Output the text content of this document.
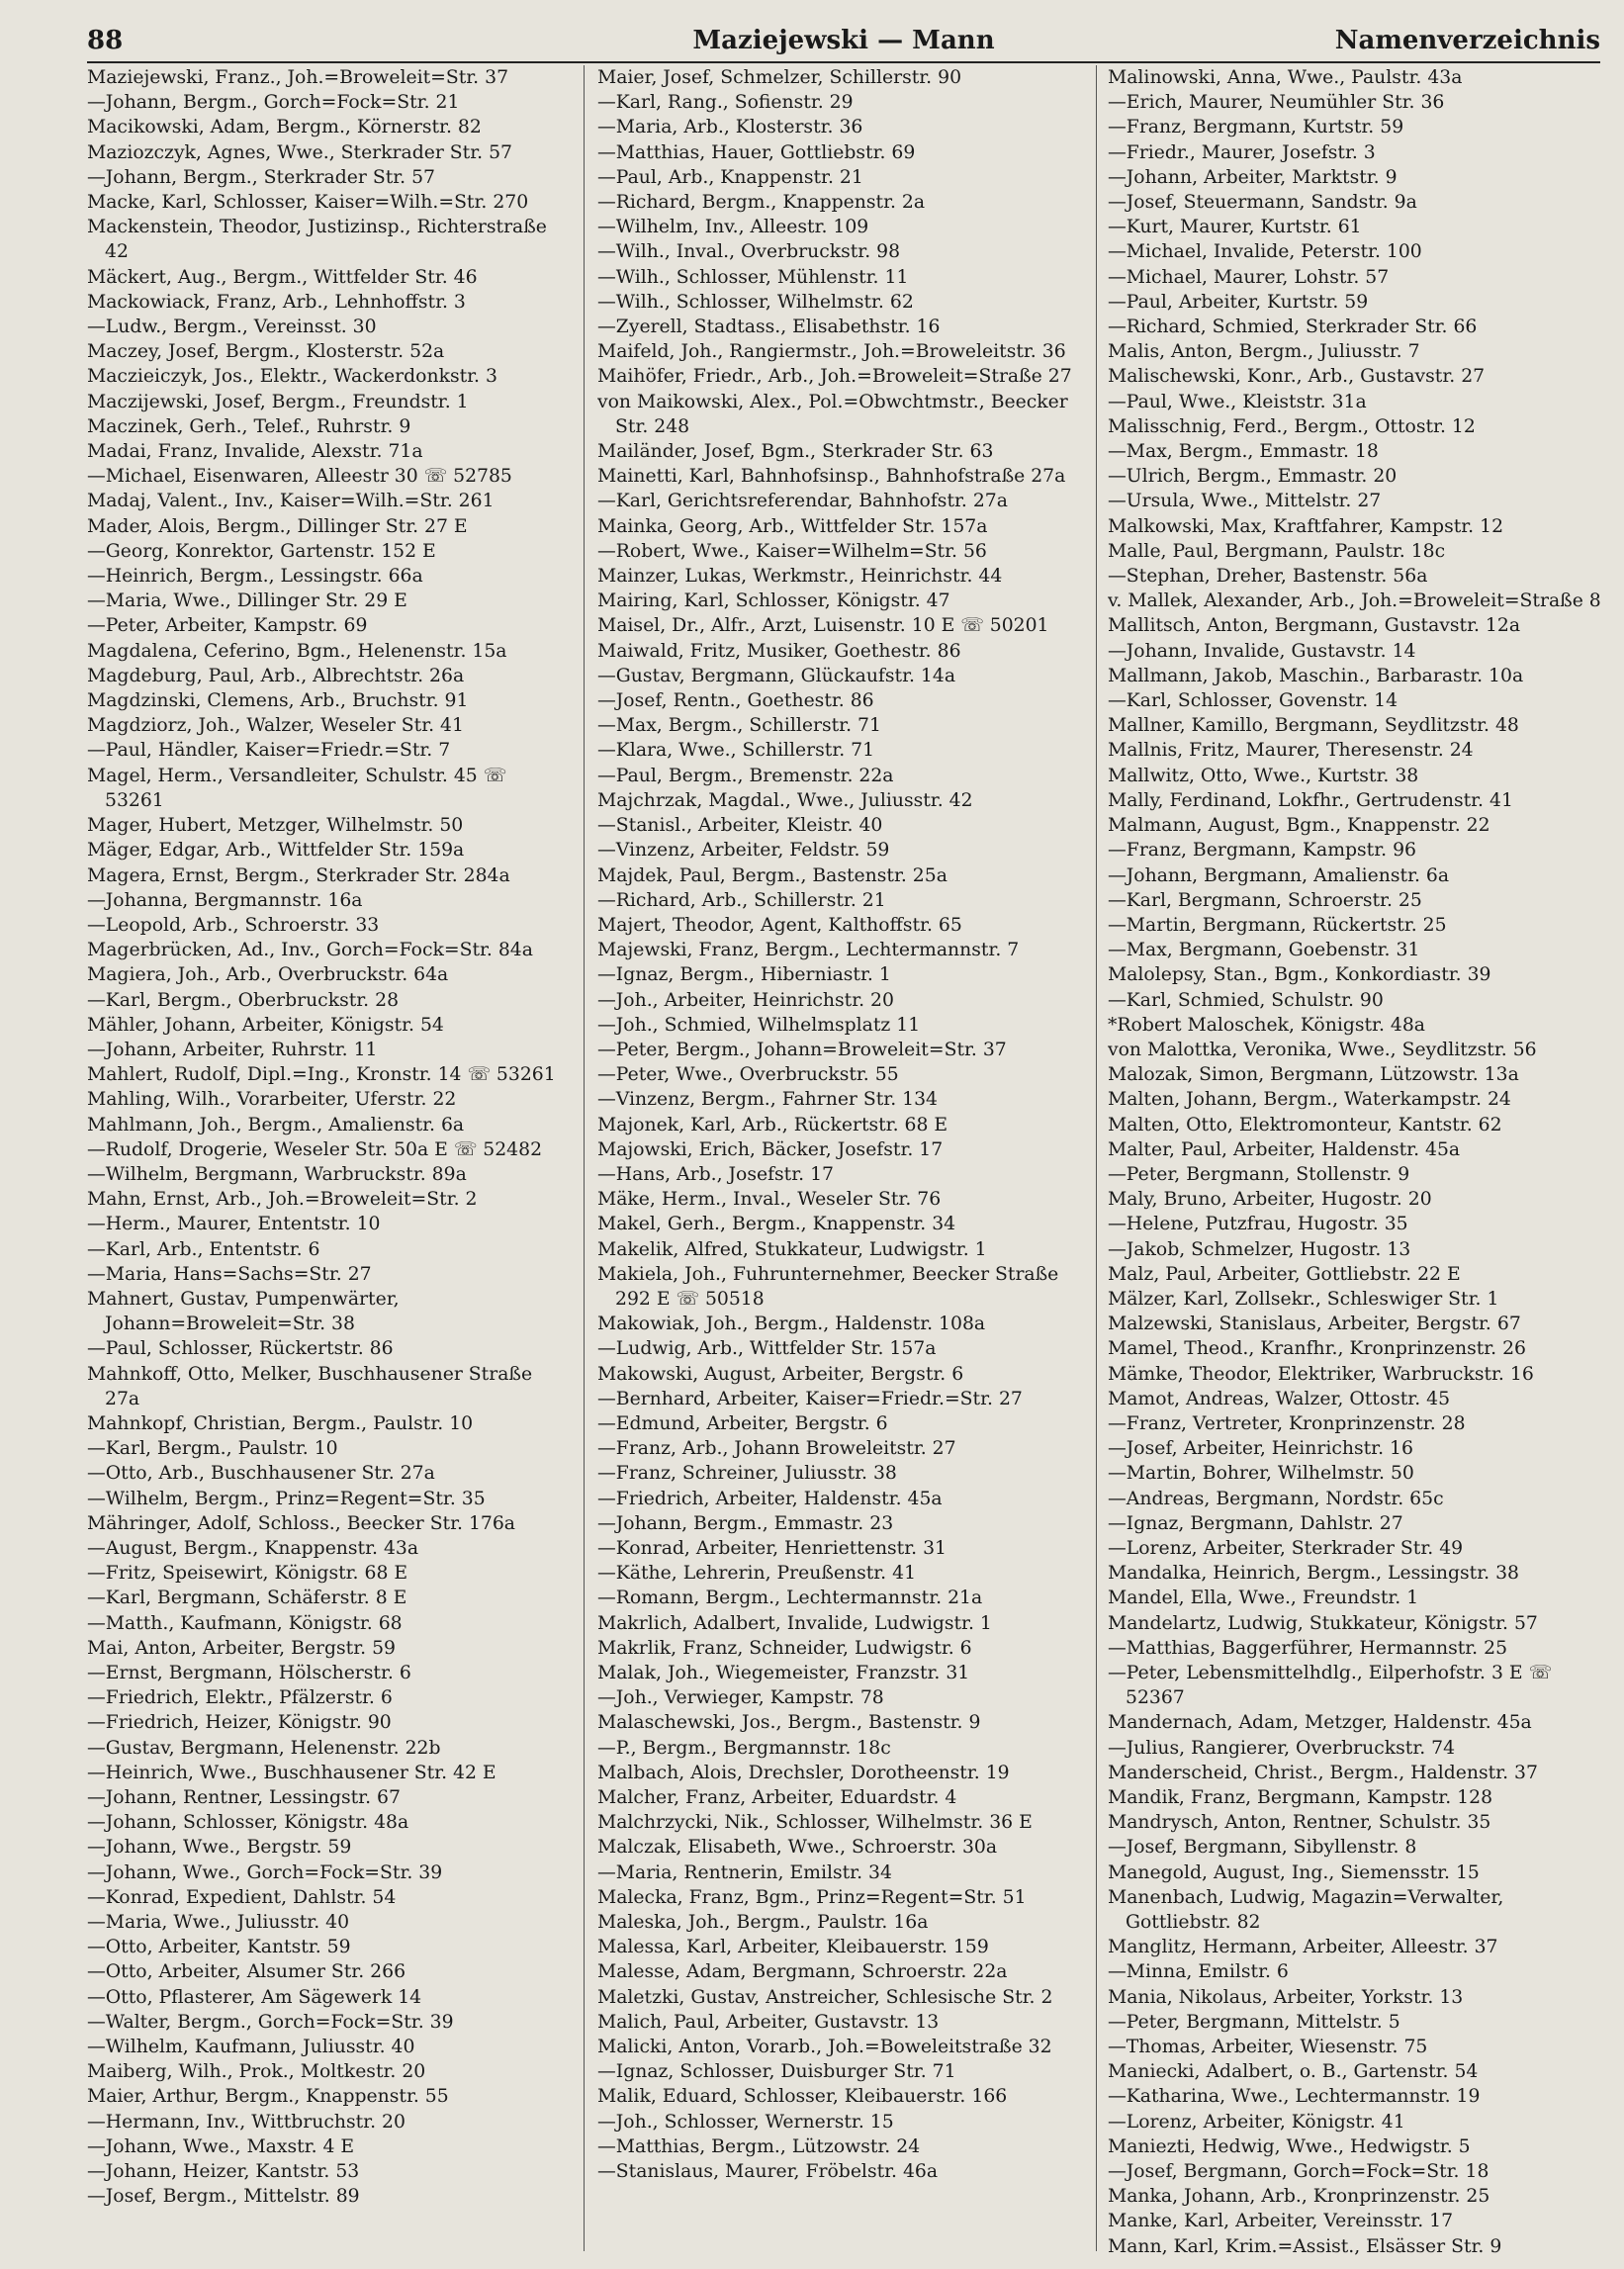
88	Maziejewski — Mann	Namenverzeichnis

Maziejewski, Franz., Joh.=Broweleit=Str. 37

—Johann, Bergm., Gorch=Fock=Str. 21

Macikowski, Adam, Bergm., Körnerstr. 82

Maziozczyk, Agnes, Wwe., Sterkrader Str. 57

—Johann, Bergm., Sterkrader Str. 57

Macke, Karl, Schlosser, Kaiser=Wilh.=Str. 270

Mackenstein, Theodor, Justizinsp., Richterstraße 42

Mäckert, Aug., Bergm., Wittfelder Str. 46

Mackowiack, Franz, Arb., Lehnhoffstr. 3

—Ludw., Bergm., Vereinsst. 30

Maczey, Josef, Bergm., Klosterstr. 52a

Maczieiczyk, Jos., Elektr., Wackerdonkstr. 3

Maczijewski, Josef, Bergm., Freundstr. 1

Maczinek, Gerh., Telef., Ruhrstr. 9

Madai, Franz, Invalide, Alexstr. 71a

—Michael, Eisenwaren, Alleestr 30 ☏ 52785

Madaj, Valent., Inv., Kaiser=Wilh.=Str. 261

Mader, Alois, Bergm., Dillinger Str. 27 E

—Georg, Konrektor, Gartenstr. 152 E

—Heinrich, Bergm., Lessingstr. 66a

—Maria, Wwe., Dillinger Str. 29 E

—Peter, Arbeiter, Kampstr. 69

Magdalena, Ceferino, Bgm., Helenenstr. 15a

Magdeburg, Paul, Arb., Albrechtstr. 26a

Magdzinski, Clemens, Arb., Bruchstr. 91

Magdziorz, Joh., Walzer, Weseler Str. 41

—Paul, Händler, Kaiser=Friedr.=Str. 7

Magel, Herm., Versandleiter, Schulstr. 45 ☏ 53261

Mager, Hubert, Metzger, Wilhelmstr. 50

Mäger, Edgar, Arb., Wittfelder Str. 159a

Magera, Ernst, Bergm., Sterkrader Str. 284a

—Johanna, Bergmannstr. 16a

—Leopold, Arb., Schroerstr. 33

Magerbrücken, Ad., Inv., Gorch=Fock=Str. 84a

Magiera, Joh., Arb., Overbruckstr. 64a

—Karl, Bergm., Oberbruckstr. 28

Mähler, Johann, Arbeiter, Königstr. 54

—Johann, Arbeiter, Ruhrstr. 11

Mahlert, Rudolf, Dipl.=Ing., Kronstr. 14 ☏ 53261

Mahling, Wilh., Vorarbeiter, Uferstr. 22

Mahlmann, Joh., Bergm., Amalienstr. 6a

—Rudolf, Drogerie, Weseler Str. 50a E ☏ 52482

—Wilhelm, Bergmann, Warbruckstr. 89a

Mahn, Ernst, Arb., Joh.=Broweleit=Str. 2

—Herm., Maurer, Ententstr. 10

—Karl, Arb., Ententstr. 6

—Maria, Hans=Sachs=Str. 27

Mahnert, Gustav, Pumpenwärter, Johann=Broweleit=Str. 38

—Paul, Schlosser, Rückertstr. 86

Mahnkoff, Otto, Melker, Buschhausener Straße 27a

Mahnkopf, Christian, Bergm., Paulstr. 10

—Karl, Bergm., Paulstr. 10

—Otto, Arb., Buschhausener Str. 27a

—Wilhelm, Bergm., Prinz=Regent=Str. 35

Mähringer, Adolf, Schloss., Beecker Str. 176a

—August, Bergm., Knappenstr. 43a

—Fritz, Speisewirt, Königstr. 68 E

—Karl, Bergmann, Schäferstr. 8 E

—Matth., Kaufmann, Königstr. 68

Mai, Anton, Arbeiter, Bergstr. 59

—Ernst, Bergmann, Hölscherstr. 6

—Friedrich, Elektr., Pfälzerstr. 6

—Friedrich, Heizer, Königstr. 90

—Gustav, Bergmann, Helenenstr. 22b

—Heinrich, Wwe., Buschhausener Str. 42 E

—Johann, Rentner, Lessingstr. 67

—Johann, Schlosser, Königstr. 48a

—Johann, Wwe., Bergstr. 59

—Johann, Wwe., Gorch=Fock=Str. 39

—Konrad, Expedient, Dahlstr. 54

—Maria, Wwe., Juliusstr. 40

—Otto, Arbeiter, Kantstr. 59

—Otto, Arbeiter, Alsumer Str. 266

—Otto, Pflasterer, Am Sägewerk 14

—Walter, Bergm., Gorch=Fock=Str. 39

—Wilhelm, Kaufmann, Juliusstr. 40

Maiberg, Wilh., Prok., Moltkestr. 20

Maier, Arthur, Bergm., Knappenstr. 55

—Hermann, Inv., Wittbruchstr. 20

—Johann, Wwe., Maxstr. 4 E

—Johann, Heizer, Kantstr. 53

—Josef, Bergm., Mittelstr. 89

Maier, Josef, Schmelzer, Schillerstr. 90

—Karl, Rang., Sofienstr. 29

—Maria, Arb., Klosterstr. 36

—Matthias, Hauer, Gottliebstr. 69

—Paul, Arb., Knappenstr. 21

—Richard, Bergm., Knappenstr. 2a

—Wilhelm, Inv., Alleestr. 109

—Wilh., Inval., Overbruckstr. 98

—Wilh., Schlosser, Mühlenstr. 11

—Wilh., Schlosser, Wilhelmstr. 62

—Zyerell, Stadtass., Elisabethstr. 16

Maifeld, Joh., Rangiermstr., Joh.=Broweleitstr. 36

Maihöfer, Friedr., Arb., Joh.=Broweleit=Straße 27

von Maikowski, Alex., Pol.=Obwchtmstr., Beecker Str. 248

Mailänder, Josef, Bgm., Sterkrader Str. 63

Mainetti, Karl, Bahnhofsinsp., Bahnhofstraße 27a

—Karl, Gerichtsreferendar, Bahnhofstr. 27a

Mainka, Georg, Arb., Wittfelder Str. 157a

—Robert, Wwe., Kaiser=Wilhelm=Str. 56

Mainzer, Lukas, Werkmstr., Heinrichstr. 44

Mairing, Karl, Schlosser, Königstr. 47

Maisel, Dr., Alfr., Arzt, Luisenstr. 10 E ☏ 50201

Maiwald, Fritz, Musiker, Goethestr. 86

—Gustav, Bergmann, Glückaufstr. 14a

—Josef, Rentn., Goethestr. 86

—Max, Bergm., Schillerstr. 71

—Klara, Wwe., Schillerstr. 71

—Paul, Bergm., Bremenstr. 22a

Majchrzak, Magdal., Wwe., Juliusstr. 42

—Stanisl., Arbeiter, Kleistr. 40

—Vinzenz, Arbeiter, Feldstr. 59

Majdek, Paul, Bergm., Bastenstr. 25a

—Richard, Arb., Schillerstr. 21

Majert, Theodor, Agent, Kalthoffstr. 65

Majewski, Franz, Bergm., Lechtermannstr. 7

—Ignaz, Bergm., Hiberniastr. 1

—Joh., Arbeiter, Heinrichstr. 20

—Joh., Schmied, Wilhelmsplatz 11

—Peter, Bergm., Johann=Broweleit=Str. 37

—Peter, Wwe., Overbruckstr. 55

—Vinzenz, Bergm., Fahrner Str. 134

Majonek, Karl, Arb., Rückertstr. 68 E

Majowski, Erich, Bäcker, Josefstr. 17

—Hans, Arb., Josefstr. 17

Mäke, Herm., Inval., Weseler Str. 76

Makel, Gerh., Bergm., Knappenstr. 34

Makelik, Alfred, Stukkateur, Ludwigstr. 1

Makiela, Joh., Fuhrunternehmer, Beecker Straße 292 E ☏ 50518

Makowiak, Joh., Bergm., Haldenstr. 108a

—Ludwig, Arb., Wittfelder Str. 157a

Makowski, August, Arbeiter, Bergstr. 6

—Bernhard, Arbeiter, Kaiser=Friedr.=Str. 27

—Edmund, Arbeiter, Bergstr. 6

—Franz, Arb., Johann Broweleitstr. 27

—Franz, Schreiner, Juliusstr. 38

—Friedrich, Arbeiter, Haldenstr. 45a

—Johann, Bergm., Emmastr. 23

—Konrad, Arbeiter, Henriettenstr. 31

—Käthe, Lehrerin, Preußenstr. 41

—Romann, Bergm., Lechtermannstr. 21a

Makrlich, Adalbert, Invalide, Ludwigstr. 1

Makrlik, Franz, Schneider, Ludwigstr. 6

Malak, Joh., Wiegemeister, Franzstr. 31

—Joh., Verwieger, Kampstr. 78

Malaschewski, Jos., Bergm., Bastenstr. 9

—P., Bergm., Bergmannstr. 18c

Malbach, Alois, Drechsler, Dorotheenstr. 19

Malcher, Franz, Arbeiter, Eduardstr. 4

Malchrzycki, Nik., Schlosser, Wilhelmstr. 36 E

Malczak, Elisabeth, Wwe., Schroerstr. 30a

—Maria, Rentnerin, Emilstr. 34

Malecka, Franz, Bgm., Prinz=Regent=Str. 51

Maleska, Joh., Bergm., Paulstr. 16a

Malessa, Karl, Arbeiter, Kleibauerstr. 159

Malesse, Adam, Bergmann, Schroerstr. 22a

Maletzki, Gustav, Anstreicher, Schlesische Str. 2

Malich, Paul, Arbeiter, Gustavstr. 13

Malicki, Anton, Vorarb., Joh.=Boweleitstraße 32

—Ignaz, Schlosser, Duisburger Str. 71

Malik, Eduard, Schlosser, Kleibauerstr. 166

—Joh., Schlosser, Wernerstr. 15

—Matthias, Bergm., Lützowstr. 24

—Stanislaus, Maurer, Fröbelstr. 46a

Malinowski, Anna, Wwe., Paulstr. 43a

—Erich, Maurer, Neumühler Str. 36

—Franz, Bergmann, Kurtstr. 59

—Friedr., Maurer, Josefstr. 3

—Johann, Arbeiter, Marktstr. 9

—Josef, Steuermann, Sandstr. 9a

—Kurt, Maurer, Kurtstr. 61

—Michael, Invalide, Peterstr. 100

—Michael, Maurer, Lohstr. 57

—Paul, Arbeiter, Kurtstr. 59

—Richard, Schmied, Sterkrader Str. 66

Malis, Anton, Bergm., Juliusstr. 7

Malischewski, Konr., Arb., Gustavstr. 27

—Paul, Wwe., Kleiststr. 31a

Malisschnig, Ferd., Bergm., Ottostr. 12

—Max, Bergm., Emmastr. 18

—Ulrich, Bergm., Emmastr. 20

—Ursula, Wwe., Mittelstr. 27

Malkowski, Max, Kraftfahrer, Kampstr. 12

Malle, Paul, Bergmann, Paulstr. 18c

—Stephan, Dreher, Bastenstr. 56a

v. Mallek, Alexander, Arb., Joh.=Broweleit=Straße 8

Mallitsch, Anton, Bergmann, Gustavstr. 12a

—Johann, Invalide, Gustavstr. 14

Mallmann, Jakob, Maschin., Barbarastr. 10a

—Karl, Schlosser, Govenstr. 14

Mallner, Kamillo, Bergmann, Seydlitzstr. 48

Mallnis, Fritz, Maurer, Theresenstr. 24

Mallwitz, Otto, Wwe., Kurtstr. 38

Mally, Ferdinand, Lokfhr., Gertrudenstr. 41

Malmann, August, Bgm., Knappenstr. 22

—Franz, Bergmann, Kampstr. 96

—Johann, Bergmann, Amalienstr. 6a

—Karl, Bergmann, Schroerstr. 25

—Martin, Bergmann, Rückertstr. 25

—Max, Bergmann, Goebenstr. 31

Malolepsy, Stan., Bgm., Konkordiastr. 39

—Karl, Schmied, Schulstr. 90

*Robert Maloschek, Königstr. 48a

von Malottka, Veronika, Wwe., Seydlitzstr. 56

Malozak, Simon, Bergmann, Lützowstr. 13a

Malten, Johann, Bergm., Waterkampstr. 24

Malten, Otto, Elektromonteur, Kantstr. 62

Malter, Paul, Arbeiter, Haldenstr. 45a

—Peter, Bergmann, Stollenstr. 9

Maly, Bruno, Arbeiter, Hugostr. 20

—Helene, Putzfrau, Hugostr. 35

—Jakob, Schmelzer, Hugostr. 13

Malz, Paul, Arbeiter, Gottliebstr. 22 E

Mälzer, Karl, Zollsekr., Schleswiger Str. 1

Malzewski, Stanislaus, Arbeiter, Bergstr. 67

Mamel, Theod., Kranfhr., Kronprinzenstr. 26

Mämke, Theodor, Elektriker, Warbruckstr. 16

Mamot, Andreas, Walzer, Ottostr. 45

—Franz, Vertreter, Kronprinzenstr. 28

—Josef, Arbeiter, Heinrichstr. 16

—Martin, Bohrer, Wilhelmstr. 50

—Andreas, Bergmann, Nordstr. 65c

—Ignaz, Bergmann, Dahlstr. 27

—Lorenz, Arbeiter, Sterkrader Str. 49

Mandalka, Heinrich, Bergm., Lessingstr. 38

Mandel, Ella, Wwe., Freundstr. 1

Mandelartz, Ludwig, Stukkateur, Königstr. 57

—Matthias, Baggerführer, Hermannstr. 25

—Peter, Lebensmittelhdlg., Eilperhofstr. 3 E ☏ 52367

Mandernach, Adam, Metzger, Haldenstr. 45a

—Julius, Rangierer, Overbruckstr. 74

Manderscheid, Christ., Bergm., Haldenstr. 37

Mandik, Franz, Bergmann, Kampstr. 128

Mandrysch, Anton, Rentner, Schulstr. 35

—Josef, Bergmann, Sibyllenstr. 8

Manegold, August, Ing., Siemensstr. 15

Manenbach, Ludwig, Magazin=Verwalter, Gottliebstr. 82

Manglitz, Hermann, Arbeiter, Alleestr. 37

—Minna, Emilstr. 6

Mania, Nikolaus, Arbeiter, Yorkstr. 13

—Peter, Bergmann, Mittelstr. 5

—Thomas, Arbeiter, Wiesenstr. 75

Maniecki, Adalbert, o. B., Gartenstr. 54

—Katharina, Wwe., Lechtermannstr. 19

—Lorenz, Arbeiter, Königstr. 41

Maniezti, Hedwig, Wwe., Hedwigstr. 5

—Josef, Bergmann, Gorch=Fock=Str. 18

Manka, Johann, Arb., Kronprinzenstr. 25

Manke, Karl, Arbeiter, Vereinsstr. 17

Mann, Karl, Krim.=Assist., Elsässer Str. 9
